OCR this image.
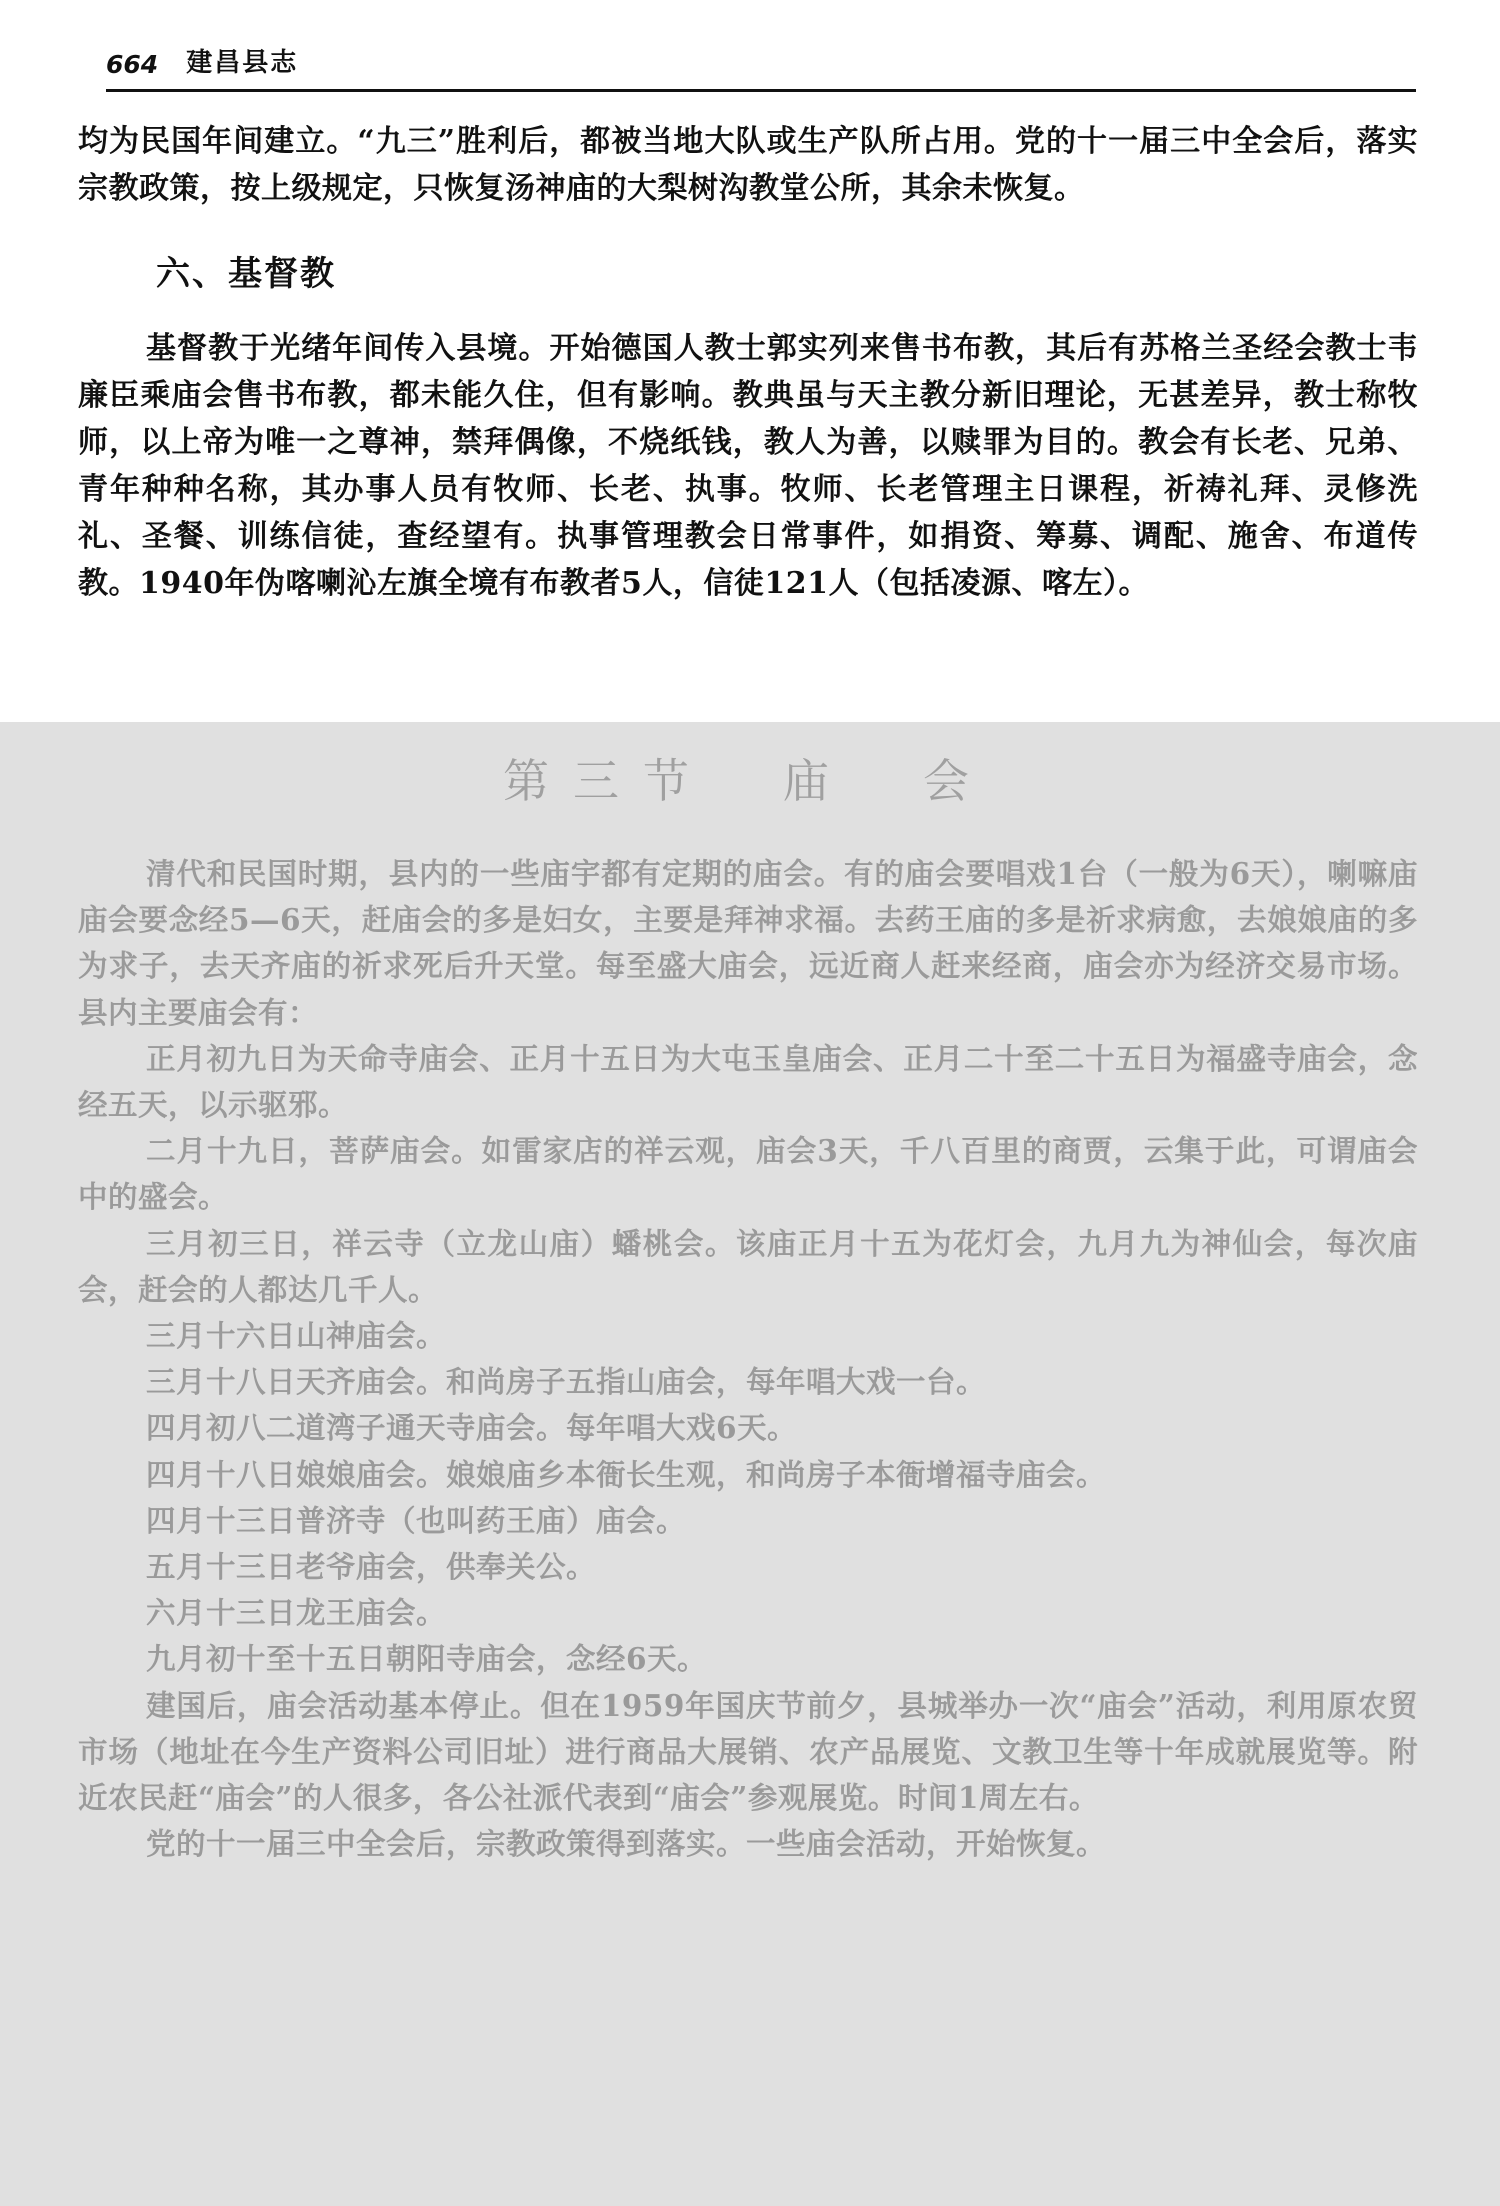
664 建昌县志

均为民国年间建立。“九三”胜利后，都被当地大队或生产队所占用。党的十一届三中全会后，落实宗教政策，按上级规定，只恢复汤神庙的大梨树沟教堂公所，其余未恢复。

六、基督教

基督教于光绪年间传入县境。开始德国人教士郭实列来售书布教，其后有苏格兰圣经会教士韦廉臣乘庙会售书布教，都未能久住，但有影响。教典虽与天主教分新旧理论，无甚差异，教士称牧师，以上帝为唯一之尊神，禁拜偶像，不烧纸钱，教人为善，以赎罪为目的。教会有长老、兄弟、青年种种名称，其办事人员有牧师、长老、执事。牧师、长老管理主日课程，祈祷礼拜、灵修洗礼、圣餐、训练信徒，查经望有。执事管理教会日常事件，如捐资、筹募、调配、施舍、布道传教。1940年伪喀喇沁左旗全境有布教者5人，信徒121人（包括凌源、喀左）。

第三节　庙　会

清代和民国时期，县内的一些庙宇都有定期的庙会。有的庙会要唱戏1台（一般为6天），喇嘛庙庙会要念经5—6天，赶庙会的多是妇女，主要是拜神求福。去药王庙的多是祈求病愈，去娘娘庙的多为求子，去天齐庙的祈求死后升天堂。每至盛大庙会，远近商人赶来经商，庙会亦为经济交易市场。县内主要庙会有：

正月初九日为天命寺庙会、正月十五日为大屯玉皇庙会、正月二十至二十五日为福盛寺庙会，念经五天，以示驱邪。

二月十九日，菩萨庙会。如雷家店的祥云观，庙会3天，千八百里的商贾，云集于此，可谓庙会中的盛会。

三月初三日，祥云寺（立龙山庙）蟠桃会。该庙正月十五为花灯会，九月九为神仙会，每次庙会，赶会的人都达几千人。

三月十六日山神庙会。

三月十八日天齐庙会。和尚房子五指山庙会，每年唱大戏一台。

四月初八二道湾子通天寺庙会。每年唱大戏6天。

四月十八日娘娘庙会。娘娘庙乡本衙长生观，和尚房子本衙增福寺庙会。

四月十三日普济寺（也叫药王庙）庙会。

五月十三日老爷庙会，供奉关公。

六月十三日龙王庙会。

九月初十至十五日朝阳寺庙会，念经6天。

建国后，庙会活动基本停止。但在1959年国庆节前夕，县城举办一次“庙会”活动，利用原农贸市场（地址在今生产资料公司旧址）进行商品大展销、农产品展览、文教卫生等十年成就展览等。附近农民赶“庙会”的人很多，各公社派代表到“庙会”参观展览。时间1周左右。

党的十一届三中全会后，宗教政策得到落实。一些庙会活动，开始恢复。
